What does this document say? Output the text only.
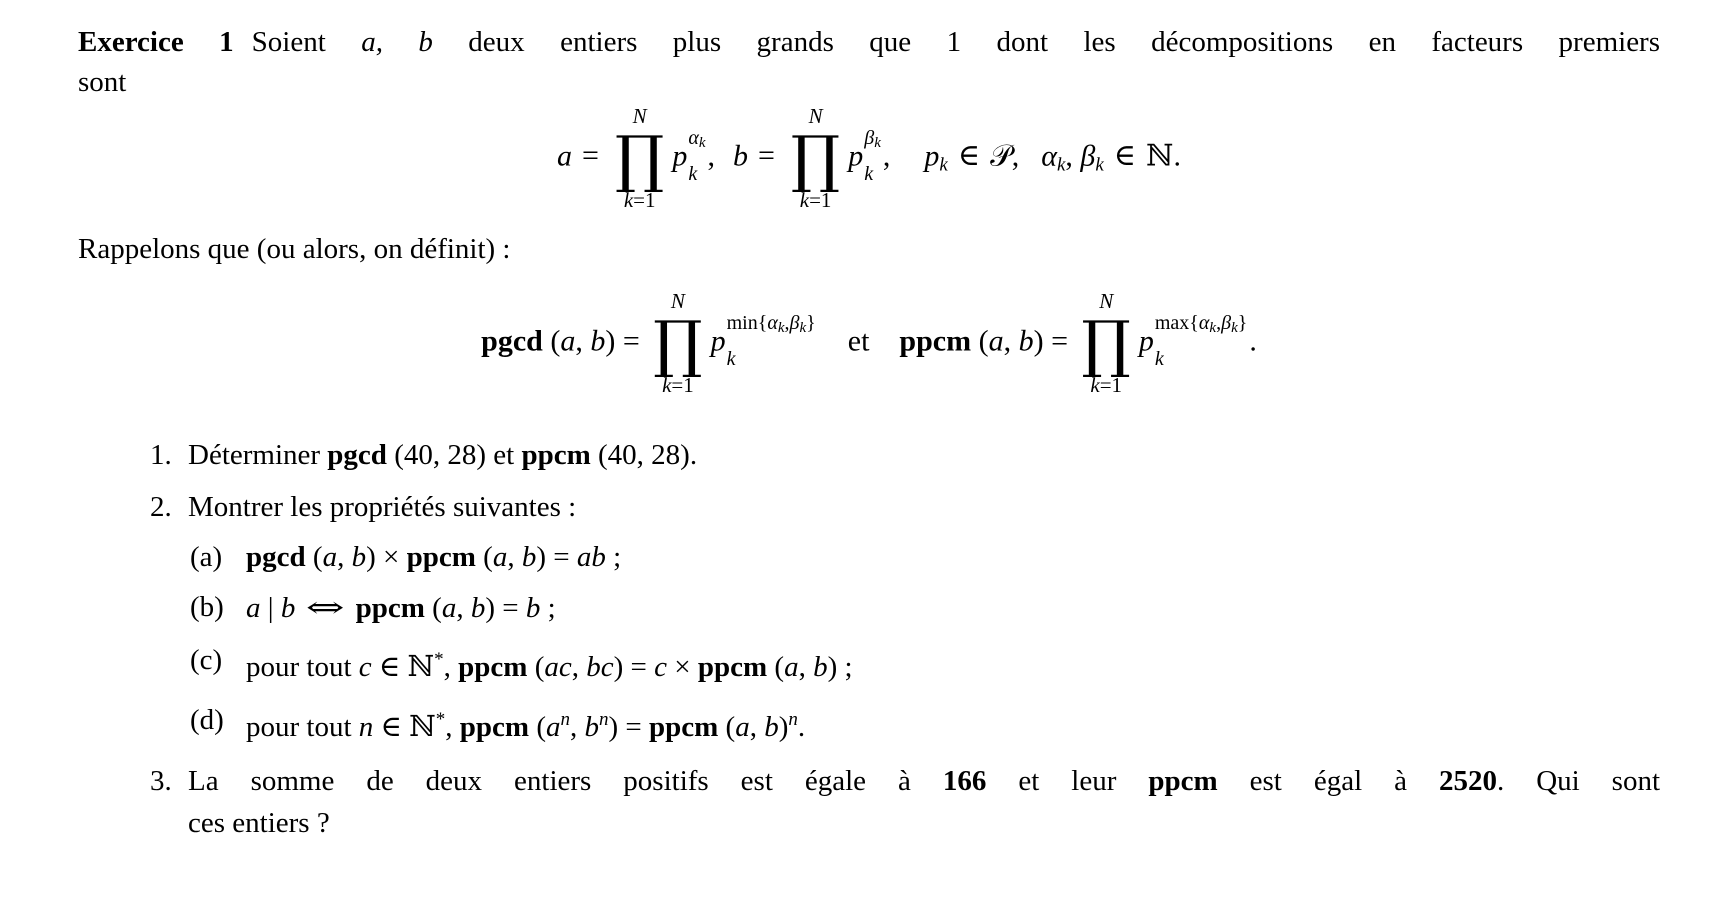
Exercice 1 Soient a, b deux entiers plus grands que 1 dont les décompositions en facteurs premiers
sont
a =
N
∏
k=1
p
αk
k
, b =
N
∏
k=1
p
βk
k
, pk ∈ 𝒫, αk, βk ∈ ℕ.
Rappelons que (ou alors, on définit) :
pgcd (a, b) =
N
∏
k=1
p
min{αk,βk}
k
et ppcm (a, b) =
N
∏
k=1
p
max{αk,βk}
k
.
1. Déterminer pgcd (40, 28) et ppcm (40, 28).
2. Montrer les propriétés suivantes :
(a) pgcd (a, b) × ppcm (a, b) = ab ;
(b) a | b ⇔ ppcm (a, b) = b ;
(c) pour tout c ∈ ℕ*, ppcm (ac, bc) = c × ppcm (a, b) ;
(d) pour tout n ∈ ℕ*, ppcm ($a^n$, $b^n$) = ppcm (a, b)$^n$.
3. La somme de deux entiers positifs est égale à 166 et leur ppcm est égal à 2520. Qui sont
ces entiers ?
